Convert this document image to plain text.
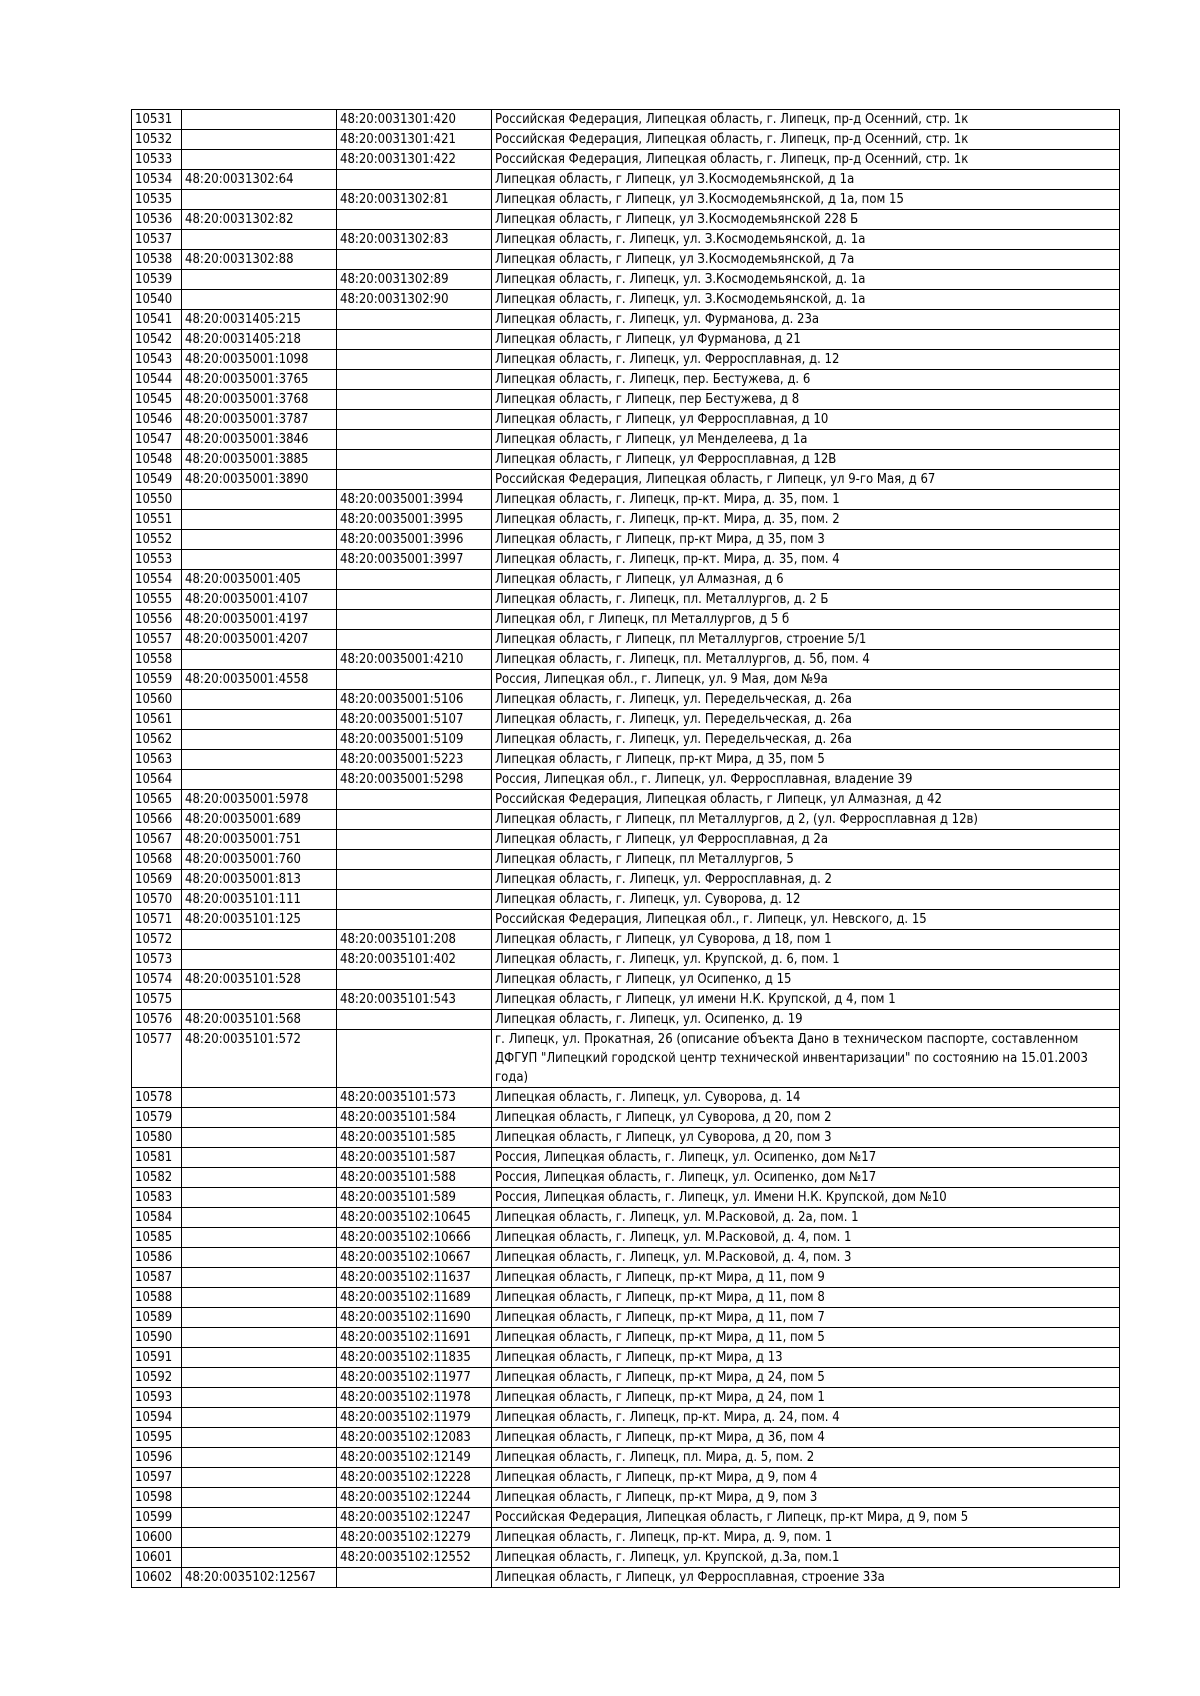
10531		48:20:0031301:420	Российская Федерация, Липецкая область, г. Липецк, пр-д Осенний, стр. 1к
10532		48:20:0031301:421	Российская Федерация, Липецкая область, г. Липецк, пр-д Осенний, стр. 1к
10533		48:20:0031301:422	Российская Федерация, Липецкая область, г. Липецк, пр-д Осенний, стр. 1к
10534	48:20:0031302:64		Липецкая область, г Липецк, ул З.Космодемьянской, д 1а
10535		48:20:0031302:81	Липецкая область, г Липецк, ул З.Космодемьянской, д 1а, пом 15
10536	48:20:0031302:82		Липецкая область, г Липецк, ул З.Космодемьянской 228 Б
10537		48:20:0031302:83	Липецкая область, г. Липецк, ул. З.Космодемьянской, д. 1а
10538	48:20:0031302:88		Липецкая область, г Липецк, ул З.Космодемьянской, д 7а
10539		48:20:0031302:89	Липецкая область, г. Липецк, ул. З.Космодемьянской, д. 1а
10540		48:20:0031302:90	Липецкая область, г. Липецк, ул. З.Космодемьянской, д. 1а
10541	48:20:0031405:215		Липецкая область, г. Липецк, ул. Фурманова, д. 23а
10542	48:20:0031405:218		Липецкая область, г Липецк, ул Фурманова, д 21
10543	48:20:0035001:1098		Липецкая область, г. Липецк, ул. Ферросплавная, д. 12
10544	48:20:0035001:3765		Липецкая область, г. Липецк, пер. Бестужева, д. 6
10545	48:20:0035001:3768		Липецкая область, г Липецк, пер Бестужева, д 8
10546	48:20:0035001:3787		Липецкая область, г Липецк, ул Ферросплавная, д 10
10547	48:20:0035001:3846		Липецкая область, г Липецк, ул Менделеева, д 1а
10548	48:20:0035001:3885		Липецкая область, г Липецк, ул Ферросплавная, д 12В
10549	48:20:0035001:3890		Российская Федерация, Липецкая область, г Липецк, ул 9-го Мая, д 67
10550		48:20:0035001:3994	Липецкая область, г. Липецк, пр-кт. Мира, д. 35, пом. 1
10551		48:20:0035001:3995	Липецкая область, г. Липецк, пр-кт. Мира, д. 35, пом. 2
10552		48:20:0035001:3996	Липецкая область, г Липецк, пр-кт Мира, д 35, пом 3
10553		48:20:0035001:3997	Липецкая область, г. Липецк, пр-кт. Мира, д. 35, пом. 4
10554	48:20:0035001:405		Липецкая область, г Липецк, ул Алмазная, д 6
10555	48:20:0035001:4107		Липецкая область, г. Липецк, пл. Металлургов, д. 2 Б
10556	48:20:0035001:4197		Липецкая обл, г Липецк, пл Металлургов, д 5 б
10557	48:20:0035001:4207		Липецкая область, г Липецк, пл Металлургов, строение 5/1
10558		48:20:0035001:4210	Липецкая область, г. Липецк, пл. Металлургов, д. 5б, пом. 4
10559	48:20:0035001:4558		Россия, Липецкая обл., г. Липецк, ул. 9 Мая, дом №9а
10560		48:20:0035001:5106	Липецкая область, г. Липецк, ул. Передельческая, д. 26а
10561		48:20:0035001:5107	Липецкая область, г. Липецк, ул. Передельческая, д. 26а
10562		48:20:0035001:5109	Липецкая область, г. Липецк, ул. Передельческая, д. 26а
10563		48:20:0035001:5223	Липецкая область, г Липецк, пр-кт Мира, д 35, пом 5
10564		48:20:0035001:5298	Россия, Липецкая обл., г. Липецк, ул. Ферросплавная, владение 39
10565	48:20:0035001:5978		Российская Федерация, Липецкая область, г Липецк, ул Алмазная, д 42
10566	48:20:0035001:689		Липецкая область, г Липецк, пл Металлургов, д 2, (ул. Ферросплавная д 12в)
10567	48:20:0035001:751		Липецкая область, г Липецк, ул Ферросплавная, д 2а
10568	48:20:0035001:760		Липецкая область, г Липецк, пл Металлургов, 5
10569	48:20:0035001:813		Липецкая область, г. Липецк, ул. Ферросплавная, д. 2
10570	48:20:0035101:111		Липецкая область, г. Липецк, ул. Суворова, д. 12
10571	48:20:0035101:125		Российская Федерация, Липецкая обл., г. Липецк, ул. Невского, д. 15
10572		48:20:0035101:208	Липецкая область, г Липецк, ул Суворова, д 18, пом 1
10573		48:20:0035101:402	Липецкая область, г. Липецк, ул. Крупской, д. 6, пом. 1
10574	48:20:0035101:528		Липецкая область, г Липецк, ул Осипенко, д 15
10575		48:20:0035101:543	Липецкая область, г Липецк, ул имени Н.К. Крупской, д 4, пом 1
10576	48:20:0035101:568		Липецкая область, г. Липецк, ул. Осипенко, д. 19
10577	48:20:0035101:572		г. Липецк, ул. Прокатная, 26 (описание объекта Дано в техническом паспорте, составленном ДФГУП "Липецкий городской центр технической инвентаризации" по состоянию на 15.01.2003 года)
10578		48:20:0035101:573	Липецкая область, г. Липецк, ул. Суворова, д. 14
10579		48:20:0035101:584	Липецкая область, г Липецк, ул Суворова, д 20, пом 2
10580		48:20:0035101:585	Липецкая область, г Липецк, ул Суворова, д 20, пом 3
10581		48:20:0035101:587	Россия, Липецкая область, г. Липецк, ул. Осипенко, дом №17
10582		48:20:0035101:588	Россия, Липецкая область, г. Липецк, ул. Осипенко, дом №17
10583		48:20:0035101:589	Россия, Липецкая область, г. Липецк, ул. Имени Н.К. Крупской, дом №10
10584		48:20:0035102:10645	Липецкая область, г. Липецк, ул. М.Расковой, д. 2а, пом. 1
10585		48:20:0035102:10666	Липецкая область, г. Липецк, ул. М.Расковой, д. 4, пом. 1
10586		48:20:0035102:10667	Липецкая область, г. Липецк, ул. М.Расковой, д. 4, пом. 3
10587		48:20:0035102:11637	Липецкая область, г Липецк, пр-кт Мира, д 11, пом 9
10588		48:20:0035102:11689	Липецкая область, г Липецк, пр-кт Мира, д 11, пом 8
10589		48:20:0035102:11690	Липецкая область, г Липецк, пр-кт Мира, д 11, пом 7
10590		48:20:0035102:11691	Липецкая область, г Липецк, пр-кт Мира, д 11, пом 5
10591		48:20:0035102:11835	Липецкая область, г Липецк, пр-кт Мира, д 13
10592		48:20:0035102:11977	Липецкая область, г Липецк, пр-кт Мира, д 24, пом 5
10593		48:20:0035102:11978	Липецкая область, г Липецк, пр-кт Мира, д 24, пом 1
10594		48:20:0035102:11979	Липецкая область, г. Липецк, пр-кт. Мира, д. 24, пом. 4
10595		48:20:0035102:12083	Липецкая область, г Липецк, пр-кт Мира, д 36, пом 4
10596		48:20:0035102:12149	Липецкая область, г. Липецк, пл. Мира, д. 5, пом. 2
10597		48:20:0035102:12228	Липецкая область, г Липецк, пр-кт Мира, д 9, пом 4
10598		48:20:0035102:12244	Липецкая область, г Липецк, пр-кт Мира, д 9, пом 3
10599		48:20:0035102:12247	Российская Федерация, Липецкая область, г Липецк, пр-кт Мира, д 9, пом 5
10600		48:20:0035102:12279	Липецкая область, г. Липецк, пр-кт. Мира, д. 9, пом. 1
10601		48:20:0035102:12552	Липецкая область, г. Липецк, ул. Крупской, д.3а, пом.1
10602	48:20:0035102:12567		Липецкая область, г Липецк, ул Ферросплавная, строение 33а
